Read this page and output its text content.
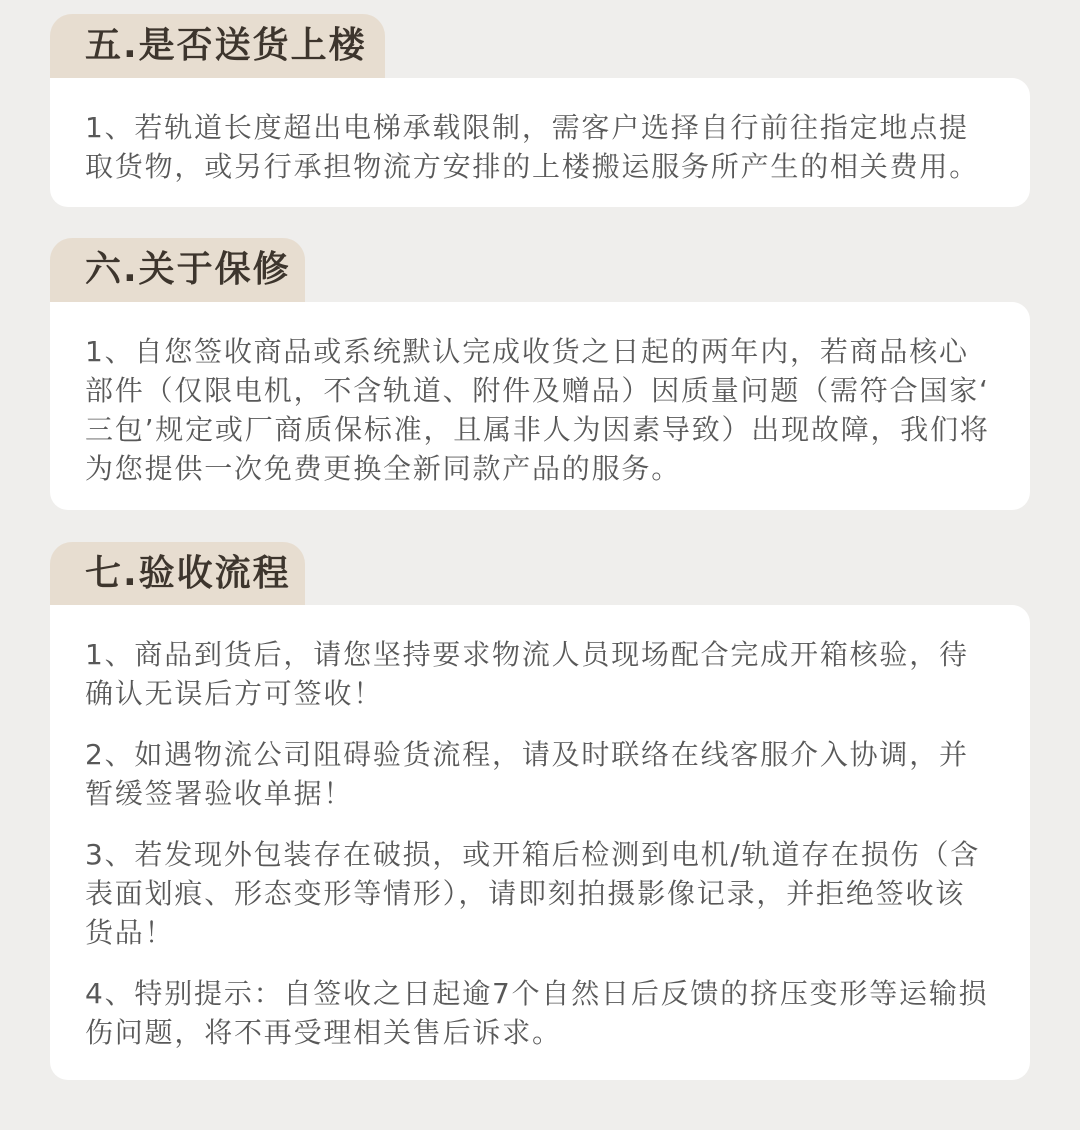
五.是否送货上楼
1、若轨道长度超出电梯承载限制，需客户选择自行前往指定地点提
取货物，或另行承担物流方安排的上楼搬运服务所产生的相关费用。
六.关于保修
1、自您签收商品或系统默认完成收货之日起的两年内，若商品核心
部件（仅限电机，不含轨道、附件及赠品）因质量问题（需符合国家‘
三包’规定或厂商质保标准，且属非人为因素导致）出现故障，我们将
为您提供一次免费更换全新同款产品的服务。
七.验收流程
1、商品到货后，请您坚持要求物流人员现场配合完成开箱核验，待
确认无误后方可签收！
2、如遇物流公司阻碍验货流程，请及时联络在线客服介入协调，并
暂缓签署验收单据！
3、若发现外包装存在破损，或开箱后检测到电机/轨道存在损伤（含
表面划痕、形态变形等情形），请即刻拍摄影像记录，并拒绝签收该
货品！
4、特别提示：自签收之日起逾7个自然日后反馈的挤压变形等运输损
伤问题，将不再受理相关售后诉求。
